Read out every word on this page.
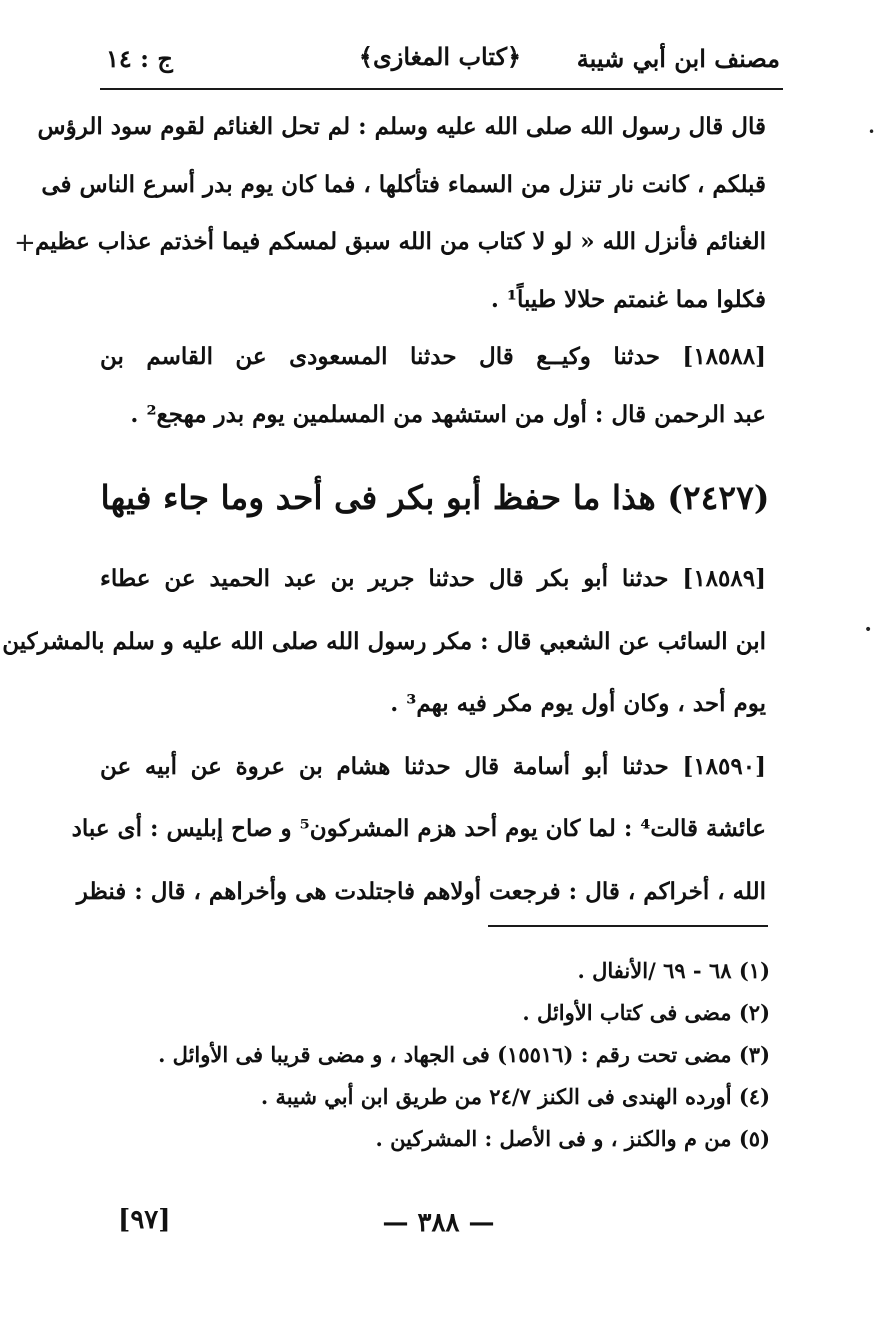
مصنف ابن أبي شيبة
﴿كتاب المغازى﴾
ج : ١٤
قال قال رسول الله صلى الله عليه وسلم : لم تحل الغنائم لقوم سود الرؤس
قبلكم ، كانت نار تنزل من السماء فتأكلها ، فما كان يوم بدر أسرع الناس فى
الغنائم فأنزل الله « لو لا كتاب من الله سبق لمسكم فيما أخذتم عذاب عظيم
فكلوا مما غنمتم حلالا طيباً¹ .
[١٨٥٨٨] حدثنا وكيــع قال حدثنا المسعودى عن القاسم بن
عبد الرحمن قال : أول من استشهد من المسلمين يوم بدر مهجع² .
(٢٤٢٧) هذا ما حفظ أبو بكر فى أحد وما جاء فيها
[١٨٥٨٩] حدثنا أبو بكر قال حدثنا جرير بن عبد الحميد عن عطاء
ابن السائب عن الشعبي قال : مكر رسول الله صلى الله عليه و سلم بالمشركين
يوم أحد ، وكان أول يوم مكر فيه بهم³ .
[١٨٥٩٠] حدثنا أبو أسامة قال حدثنا هشام بن عروة عن أبيه عن
عائشة قالت⁴ : لما كان يوم أحد هزم المشركون⁵ و صاح إبليس : أى عباد
الله ، أخراكم ، قال : فرجعت أولاهم فاجتلدت هى وأخراهم ، قال : فنظر
(١) ٦٨ - ٦٩ /الأنفال .
(٢) مضى فى كتاب الأوائل .
(٣) مضى تحت رقم : (١٥٥١٦) فى الجهاد ، و مضى قريبا فى الأوائل .
(٤) أورده الهندى فى الكنز ٢٤/٧ من طريق ابن أبي شيبة .
(٥) من م والكنز ، و فى الأصل : المشركين .
— ٣٨٨ —
[٩٧]
+
•
•
